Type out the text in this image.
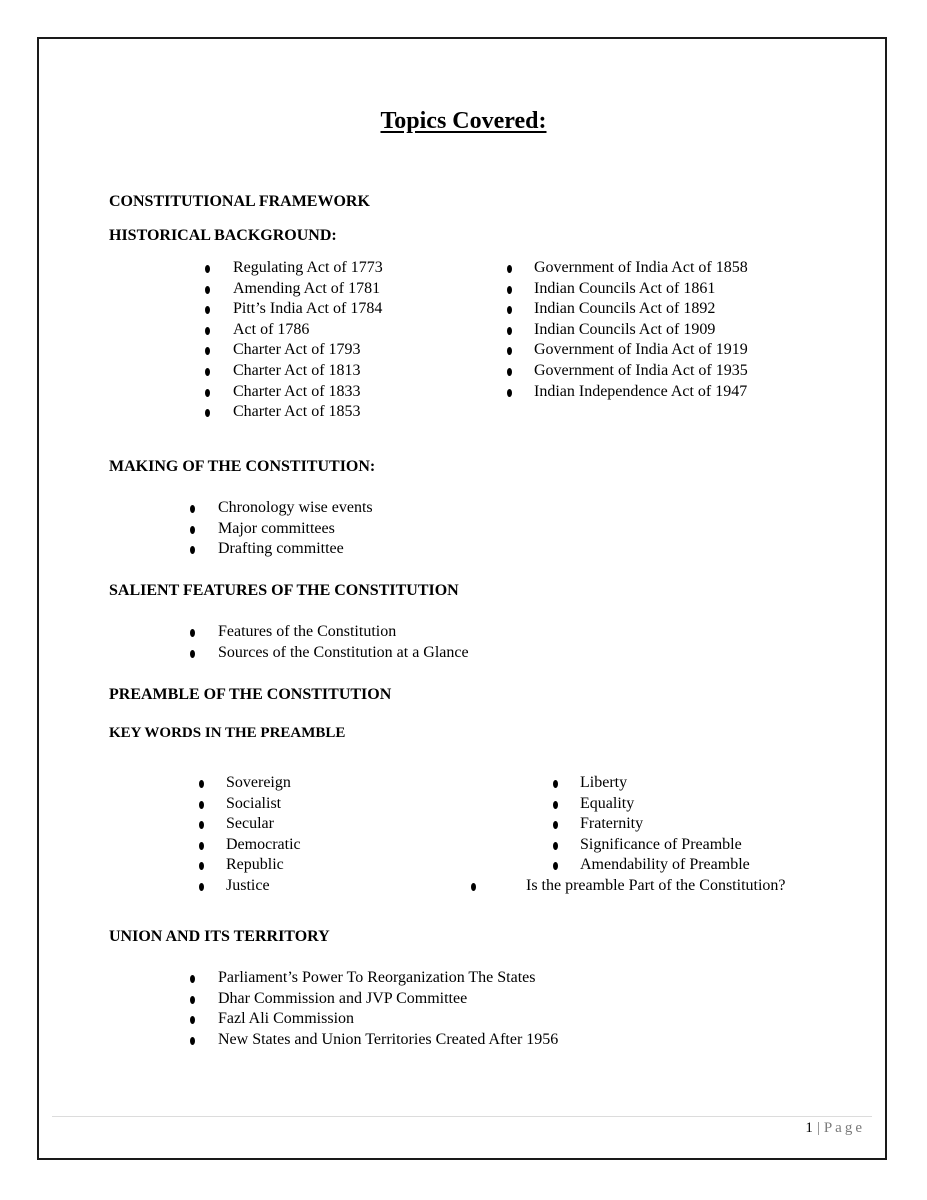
Topics Covered:
CONSTITUTIONAL FRAMEWORK
HISTORICAL BACKGROUND:
Regulating Act of 1773
Amending Act of 1781
Pitt’s India Act of 1784
Act of 1786
Charter Act of 1793
Charter Act of 1813
Charter Act of 1833
Charter Act of 1853
Government of India Act of 1858
Indian Councils Act of 1861
Indian Councils Act of 1892
Indian Councils Act of 1909
Government of India Act of 1919
Government of India Act of 1935
Indian Independence Act of 1947
MAKING OF THE CONSTITUTION:
Chronology wise events
Major committees
Drafting committee
SALIENT FEATURES OF THE CONSTITUTION
Features of the Constitution
Sources of the Constitution at a Glance
PREAMBLE OF THE CONSTITUTION
KEY WORDS IN THE PREAMBLE
Sovereign
Socialist
Secular
Democratic
Republic
Justice
Liberty
Equality
Fraternity
Significance of Preamble
Amendability of Preamble
Is the preamble Part of the Constitution?
UNION AND ITS TERRITORY
Parliament’s Power To Reorganization The States
Dhar Commission and JVP Committee
Fazl Ali Commission
New States and Union Territories Created After 1956
1 | Page
